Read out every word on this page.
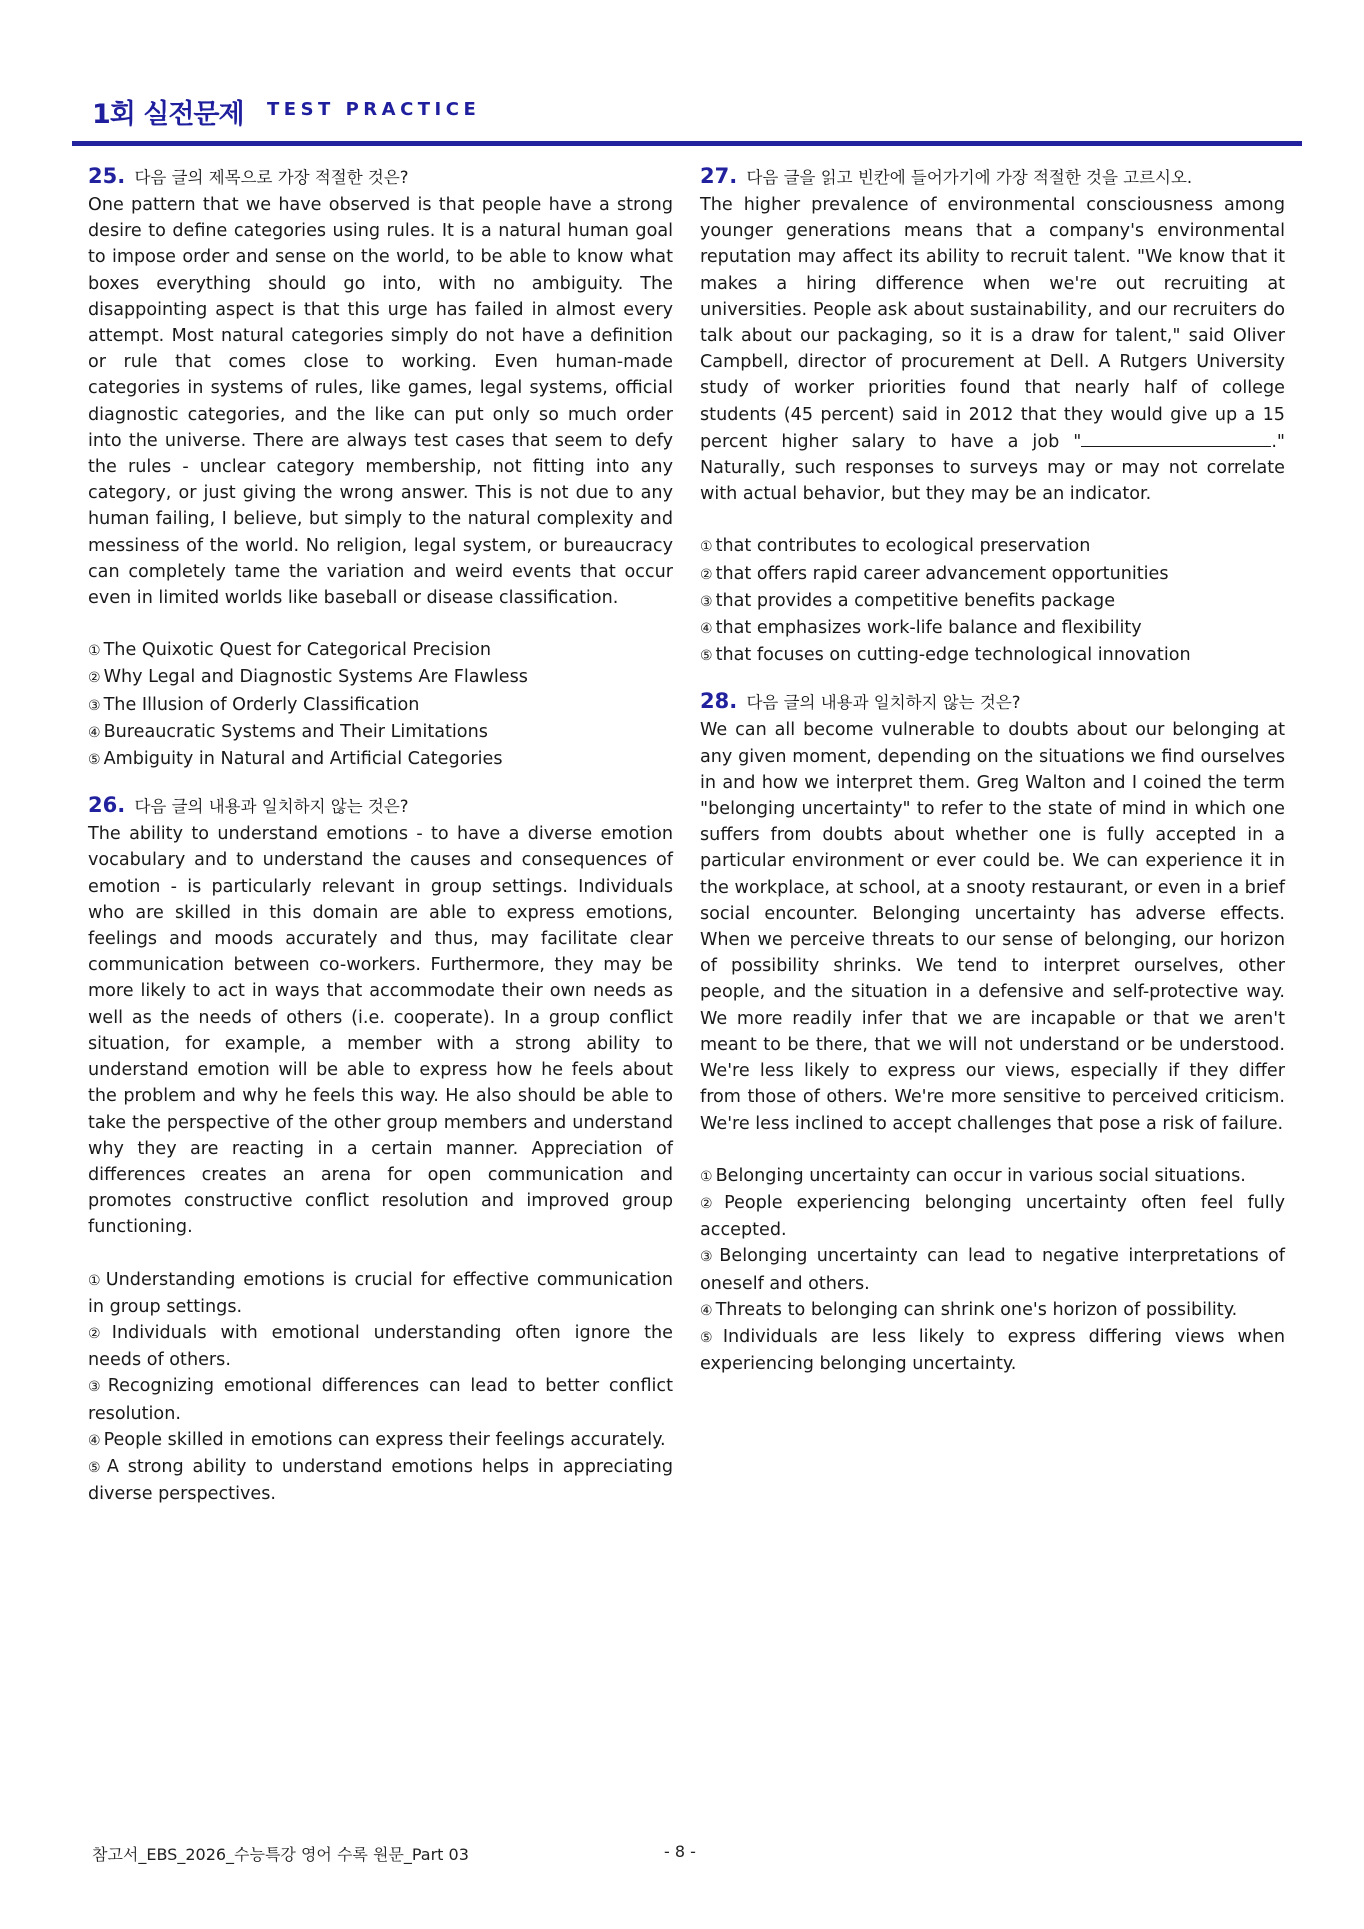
1회 실전문제 TEST PRACTICE
25. 다음 글의 제목으로 가장 적절한 것은?

One pattern that we have observed is that people have a strong desire to define categories using rules. It is a natural human goal to impose order and sense on the world, to be able to know what boxes everything should go into, with no ambiguity. The disappointing aspect is that this urge has failed in almost every attempt. Most natural categories simply do not have a definition or rule that comes close to working. Even human-made categories in systems of rules, like games, legal systems, official diagnostic categories, and the like can put only so much order into the universe. There are always test cases that seem to defy the rules - unclear category membership, not fitting into any category, or just giving the wrong answer. This is not due to any human failing, I believe, but simply to the natural complexity and messiness of the world. No religion, legal system, or bureaucracy can completely tame the variation and weird events that occur even in limited worlds like baseball or disease classification.

① The Quixotic Quest for Categorical Precision
② Why Legal and Diagnostic Systems Are Flawless
③ The Illusion of Orderly Classification
④ Bureaucratic Systems and Their Limitations
⑤ Ambiguity in Natural and Artificial Categories
26. 다음 글의 내용과 일치하지 않는 것은?

The ability to understand emotions - to have a diverse emotion vocabulary and to understand the causes and consequences of emotion - is particularly relevant in group settings. Individuals who are skilled in this domain are able to express emotions, feelings and moods accurately and thus, may facilitate clear communication between co-workers. Furthermore, they may be more likely to act in ways that accommodate their own needs as well as the needs of others (i.e. cooperate). In a group conflict situation, for example, a member with a strong ability to understand emotion will be able to express how he feels about the problem and why he feels this way. He also should be able to take the perspective of the other group members and understand why they are reacting in a certain manner. Appreciation of differences creates an arena for open communication and promotes constructive conflict resolution and improved group functioning.

① Understanding emotions is crucial for effective communication in group settings.
② Individuals with emotional understanding often ignore the needs of others.
③ Recognizing emotional differences can lead to better conflict resolution.
④ People skilled in emotions can express their feelings accurately.
⑤ A strong ability to understand emotions helps in appreciating diverse perspectives.
27. 다음 글을 읽고 빈칸에 들어가기에 가장 적절한 것을 고르시오.

The higher prevalence of environmental consciousness among younger generations means that a company's environmental reputation may affect its ability to recruit talent. "We know that it makes a hiring difference when we're out recruiting at universities. People ask about sustainability, and our recruiters do talk about our packaging, so it is a draw for talent," said Oliver Campbell, director of procurement at Dell. A Rutgers University study of worker priorities found that nearly half of college students (45 percent) said in 2012 that they would give up a 15 percent higher salary to have a job "	." Naturally, such responses to surveys may or may not correlate with actual behavior, but they may be an indicator.

① that contributes to ecological preservation
② that offers rapid career advancement opportunities
③ that provides a competitive benefits package
④ that emphasizes work-life balance and flexibility
⑤ that focuses on cutting-edge technological innovation
28. 다음 글의 내용과 일치하지 않는 것은?

We can all become vulnerable to doubts about our belonging at any given moment, depending on the situations we find ourselves in and how we interpret them. Greg Walton and I coined the term "belonging uncertainty" to refer to the state of mind in which one suffers from doubts about whether one is fully accepted in a particular environment or ever could be. We can experience it in the workplace, at school, at a snooty restaurant, or even in a brief social encounter. Belonging uncertainty has adverse effects. When we perceive threats to our sense of belonging, our horizon of possibility shrinks. We tend to interpret ourselves, other people, and the situation in a defensive and self-protective way. We more readily infer that we are incapable or that we aren't meant to be there, that we will not understand or be understood. We're less likely to express our views, especially if they differ from those of others. We're more sensitive to perceived criticism. We're less inclined to accept challenges that pose a risk of failure.

① Belonging uncertainty can occur in various social situations.
② People experiencing belonging uncertainty often feel fully accepted.
③ Belonging uncertainty can lead to negative interpretations of oneself and others.
④ Threats to belonging can shrink one's horizon of possibility.
⑤ Individuals are less likely to express differing views when experiencing belonging uncertainty.
참고서_EBS_2026_수능특강 영어 수록 원문_Part 03	- 8 -
